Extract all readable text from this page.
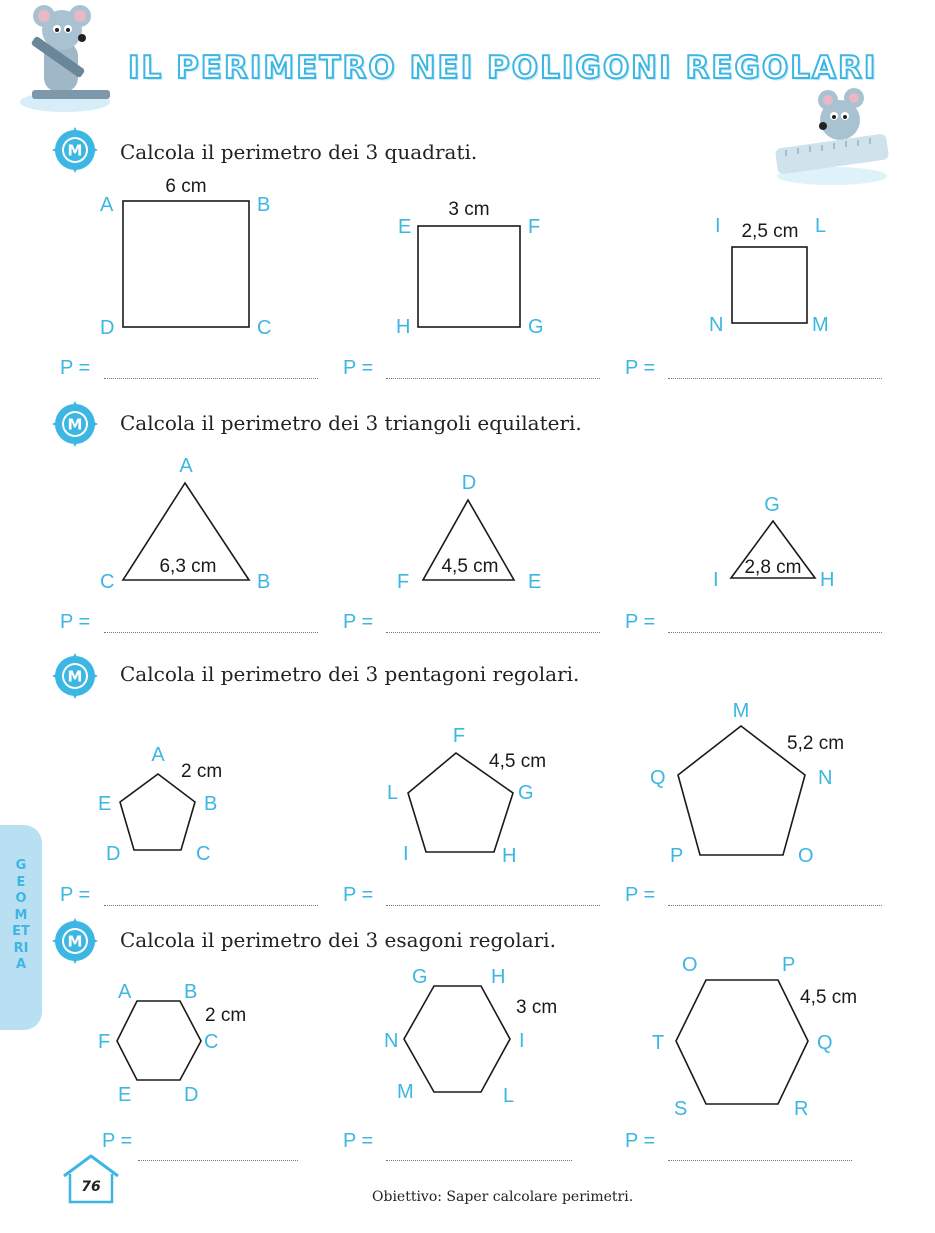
IL PERIMETRO NEI POLIGONI REGOLARI
Calcola il perimetro dei 3 quadrati.
Calcola il perimetro dei 3 triangoli equilateri.
Calcola il perimetro dei 3 pentagoni regolari.
Calcola il perimetro dei 3 esagoni regolari.
M
M
M
M
6 cm
A	B
C
D
3 cm
E	F
G
H
2,5 cm
I	L
M
N
6,3 cm
A
B
C
4,5 cm
D
E
F
2,8 cm
G
H
I
2 cm
A
B
C
D
E
4,5 cm
F
G
H
I
L
5,2 cm
M
N
O
P
Q
2 cm
A	B
C
D
E
F
3 cm
G	H
I
L
M
N
4,5 cm
O	P
Q
R
S
T
P =	P =	P =
P =	P =	P =
P =	P =	P =
P =	P =	P =
GEOMETRIA
76
Obiettivo: Saper calcolare perimetri.
